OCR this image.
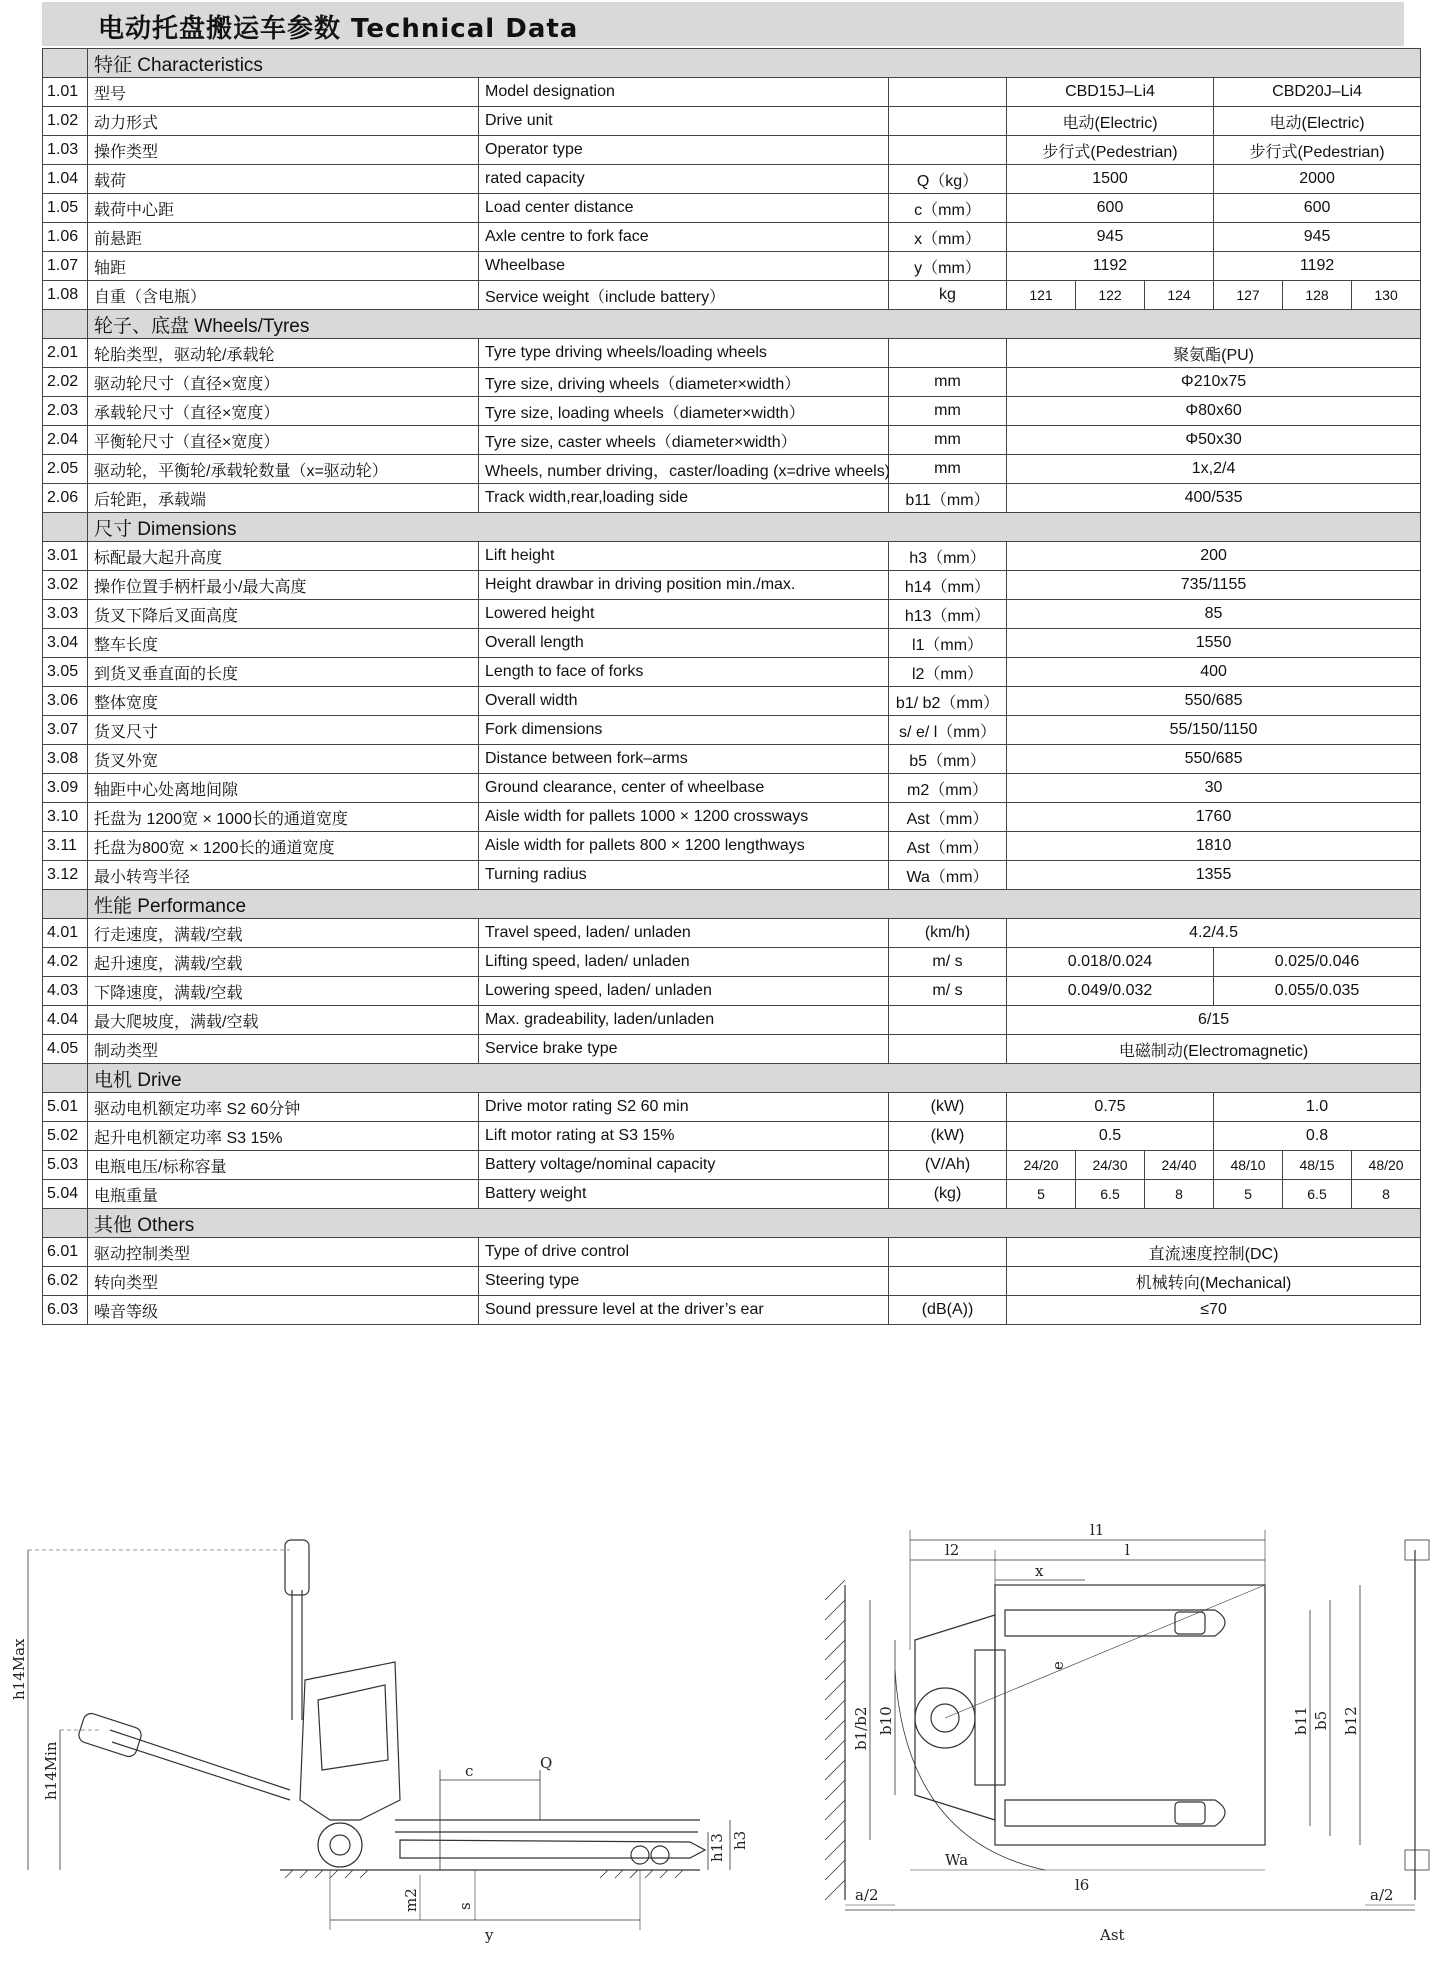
电动托盘搬运车参数 Technical Data
	特征 Characteristics								
1.01	型号	Model designation		CBD15J–Li4			CBD20J–Li4		
1.02	动力形式	Drive unit		电动(Electric)			电动(Electric)		
1.03	操作类型	Operator type		步行式(Pedestrian)			步行式(Pedestrian)		
1.04	载荷	rated capacity	Q（kg）	1500			2000		
1.05	载荷中心距	Load center distance	c（mm）	600			600		
1.06	前悬距	Axle centre to fork face	x（mm）	945			945		
1.07	轴距	Wheelbase	y（mm）	1192			1192		
1.08	自重（含电瓶）	Service weight（include battery）	kg	121	122	124	127	128	130
	轮子、底盘 Wheels/Tyres								
2.01	轮胎类型，驱动轮/承载轮	Tyre type driving wheels/loading wheels		聚氨酯(PU)					
2.02	驱动轮尺寸（直径×宽度）	Tyre size, driving wheels（diameter×width）	mm	Φ210x75					
2.03	承载轮尺寸（直径×宽度）	Tyre size, loading wheels（diameter×width）	mm	Φ80x60					
2.04	平衡轮尺寸（直径×宽度）	Tyre size, caster wheels（diameter×width）	mm	Φ50x30					
2.05	驱动轮，平衡轮/承载轮数量（x=驱动轮）	Wheels, number driving，caster/loading (x=drive wheels)	mm	1x,2/4					
2.06	后轮距，承载端	Track width,rear,loading side	b11（mm）	400/535					
	尺寸 Dimensions								
3.01	标配最大起升高度	Lift height	h3（mm）	200					
3.02	操作位置手柄杆最小/最大高度	Height drawbar in driving position min./max.	h14（mm）	735/1155					
3.03	货叉下降后叉面高度	Lowered height	h13（mm）	85					
3.04	整车长度	Overall length	l1（mm）	1550					
3.05	到货叉垂直面的长度	Length to face of forks	l2（mm）	400					
3.06	整体宽度	Overall width	b1/ b2（mm）	550/685					
3.07	货叉尺寸	Fork dimensions	s/ e/ l（mm）	55/150/1150					
3.08	货叉外宽	Distance between fork–arms	b5（mm）	550/685					
3.09	轴距中心处离地间隙	Ground clearance, center of wheelbase	m2（mm）	30					
3.10	托盘为 1200宽 × 1000长的通道宽度	Aisle width for pallets 1000 × 1200 crossways	Ast（mm）	1760					
3.11	托盘为800宽 × 1200长的通道宽度	Aisle width for pallets 800 × 1200 lengthways	Ast（mm）	1810					
3.12	最小转弯半径	Turning radius	Wa（mm）	1355					
	性能 Performance								
4.01	行走速度，满载/空载	Travel speed, laden/ unladen	(km/h)	4.2/4.5					
4.02	起升速度，满载/空载	Lifting speed, laden/ unladen	m/ s	0.018/0.024			0.025/0.046		
4.03	下降速度，满载/空载	Lowering speed, laden/ unladen	m/ s	0.049/0.032			0.055/0.035		
4.04	最大爬坡度，满载/空载	Max. gradeability, laden/unladen		6/15					
4.05	制动类型	Service brake type		电磁制动(Electromagnetic)					
	电机 Drive								
5.01	驱动电机额定功率 S2 60分钟	Drive motor rating S2 60 min	(kW)	0.75			1.0		
5.02	起升电机额定功率 S3 15%	Lift motor rating at S3 15%	(kW)	0.5			0.8		
5.03	电瓶电压/标称容量	Battery voltage/nominal capacity	(V/Ah)	24/20	24/30	24/40	48/10	48/15	48/20
5.04	电瓶重量	Battery weight	(kg)	5	6.5	8	5	6.5	8
	其他 Others								
6.01	驱动控制类型	Type of drive control		直流速度控制(DC)					
6.02	转向类型	Steering type		机械转向(Mechanical)					
6.03	噪音等级	Sound pressure level at the driver’s ear	(dB(A))	≤70					
h14Max
h14Min	c	Q
h3
h13
m2 s
y
l1
l2	l
x
e
b1/b2 b10	b11 b5 b12
Wa
l6
a/2	a/2
Ast
